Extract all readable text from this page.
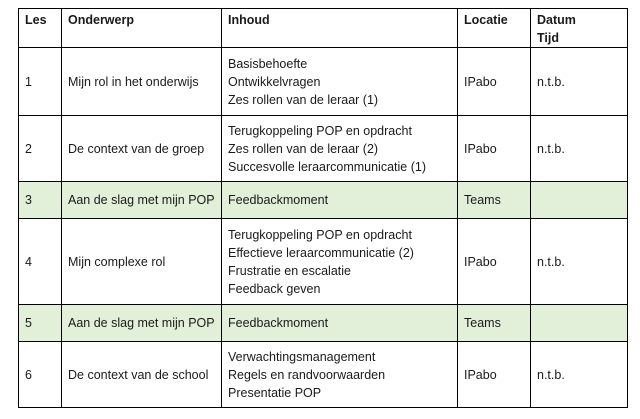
Les	Onderwerp	Inhoud	Locatie	Datum
Tijd

1	Mijn rol in het onderwijs	Basisbehoefte
Ontwikkelvragen
Zes rollen van de leraar (1)	IPabo	n.t.b.
2	De context van de groep	Terugkoppeling POP en opdracht
Zes rollen van de leraar (2)
Succesvolle leraarcommunicatie (1)	IPabo	n.t.b.
3	Aan de slag met mijn POP	Feedbackmoment	Teams	
4	Mijn complexe rol	Terugkoppeling POP en opdracht
Effectieve leraarcommunicatie (2)
Frustratie en escalatie
Feedback geven	IPabo	n.t.b.
5	Aan de slag met mijn POP	Feedbackmoment	Teams	
6	De context van de school	Verwachtingsmanagement
Regels en randvoorwaarden
Presentatie POP	IPabo	n.t.b.
